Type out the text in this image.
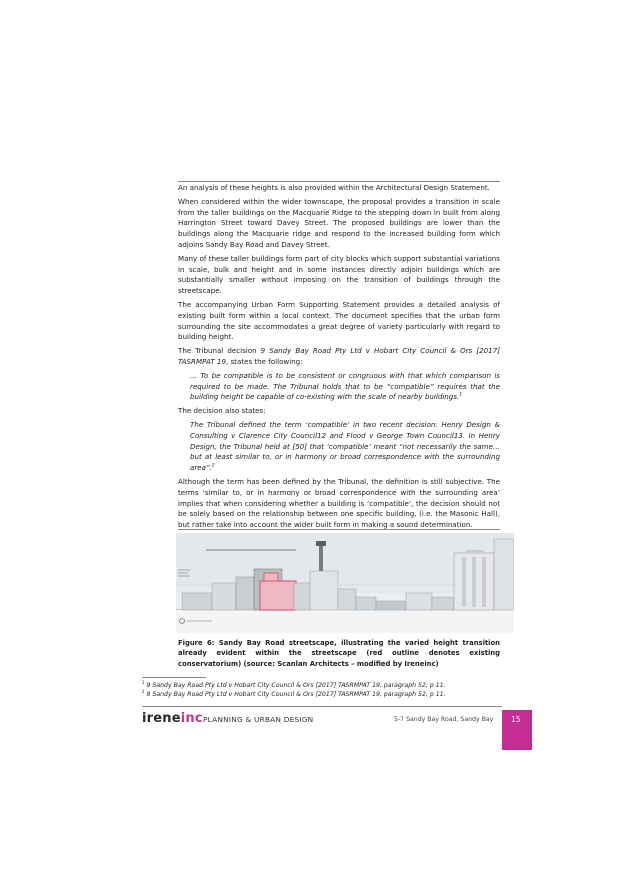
An analysis of these heights is also provided within the Architectural Design Statement.

When considered within the wider townscape, the proposal provides a transition in scale from the taller buildings on the Macquarie Ridge to the stepping down in built from along Harrington Street toward Davey Street. The proposed buildings are lower than the buildings along the Macquarie ridge and respond to the increased building form which adjoins Sandy Bay Road and Davey Street.

Many of these taller buildings form part of city blocks which support substantial variations in scale, bulk and height and in some instances directly adjoin buildings which are substantially smaller without imposing on the transition of buildings through the streetscape.

The accompanying Urban Form Supporting Statement provides a detailed analysis of existing built form within a local context. The document specifies that the urban form surrounding the site accommodates a great degree of variety particularly with regard to building height.

The Tribunal decision 9 Sandy Bay Road Pty Ltd v Hobart City Council & Ors [2017] TASRMPAT 19, states the following:

… To be compatible is to be consistent or congruous with that which comparison is required to be made. The Tribunal holds that to be “compatible” requires that the building height be capable of co-existing with the scale of nearby buildings.$^1$

The decision also states:

The Tribunal defined the term ‘compatible’ in two recent decision: Henry Design & Consulting v Clarence City Council12 and Flood v George Town Council13. In Henry Design, the Tribunal held at [50] that ‘compatible’ meant “not necessarily the same… but at least similar to, or in harmony or broad correspondence with the surrounding area”.$^2$

Although the term has been defined by the Tribunal, the definition is still subjective. The terms ‘similar to, or in harmony or broad correspondence with the surrounding area’ implies that when considering whether a building is ‘compatible’, the decision should not be solely based on the relationship between one specific building, (i.e. the Masonic Hall), but rather take into account the wider built form in making a sound determination.

Figure 6: Sandy Bay Road streetscape, illustrating the varied height transition already evident within the streetscape (red outline denotes existing conservatorium) (source: Scanlan Architects – modified by Ireneinc)
$^1$ 9 Sandy Bay Road Pty Ltd v Hobart City Council & Ors [2017] TASRMPAT 19, paragraph 52, p 11.
$^2$ 9 Sandy Bay Road Pty Ltd v Hobart City Council & Ors [2017] TASRMPAT 19, paragraph 52, p 11.
ireneinc PLANNING & URBAN DESIGN	5-7 Sandy Bay Road, Sandy Bay 15
